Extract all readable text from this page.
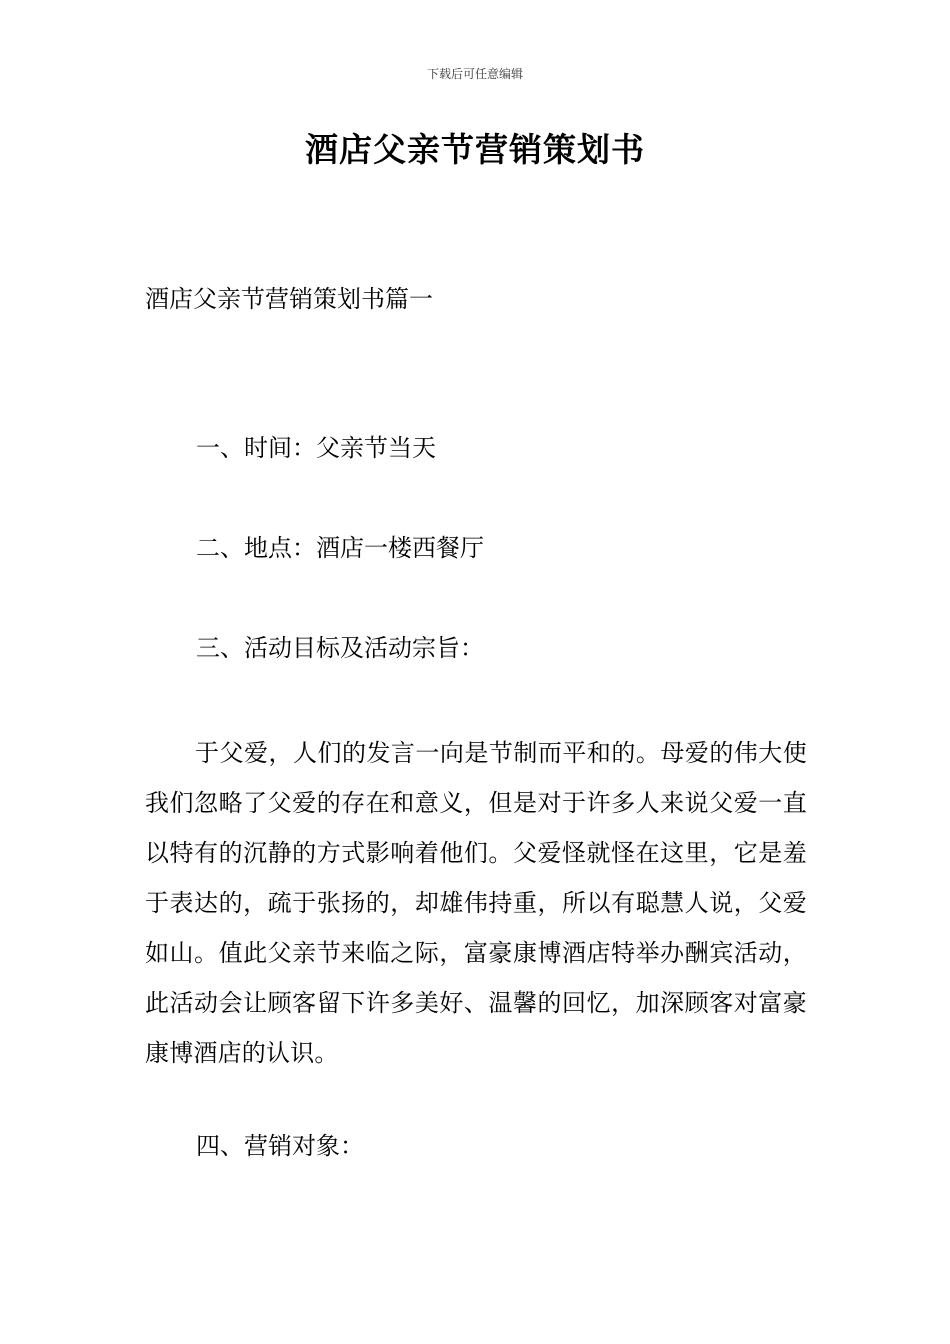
下载后可任意编辑
酒店父亲节营销策划书
酒店父亲节营销策划书篇一
一、时间：父亲节当天
二、地点：酒店一楼西餐厅
三、活动目标及活动宗旨：

于父爱，人们的发言一向是节制而平和的。母爱的伟大使我们忽略了父爱的存在和意义，但是对于许多人来说父爱一直以特有的沉静的方式影响着他们。父爱怪就怪在这里，它是羞于表达的，疏于张扬的，却雄伟持重，所以有聪慧人说，父爱如山。值此父亲节来临之际，富豪康博酒店特举办酬宾活动，此活动会让顾客留下许多美好、温馨的回忆，加深顾客对富豪康博酒店的认识。

四、营销对象：
